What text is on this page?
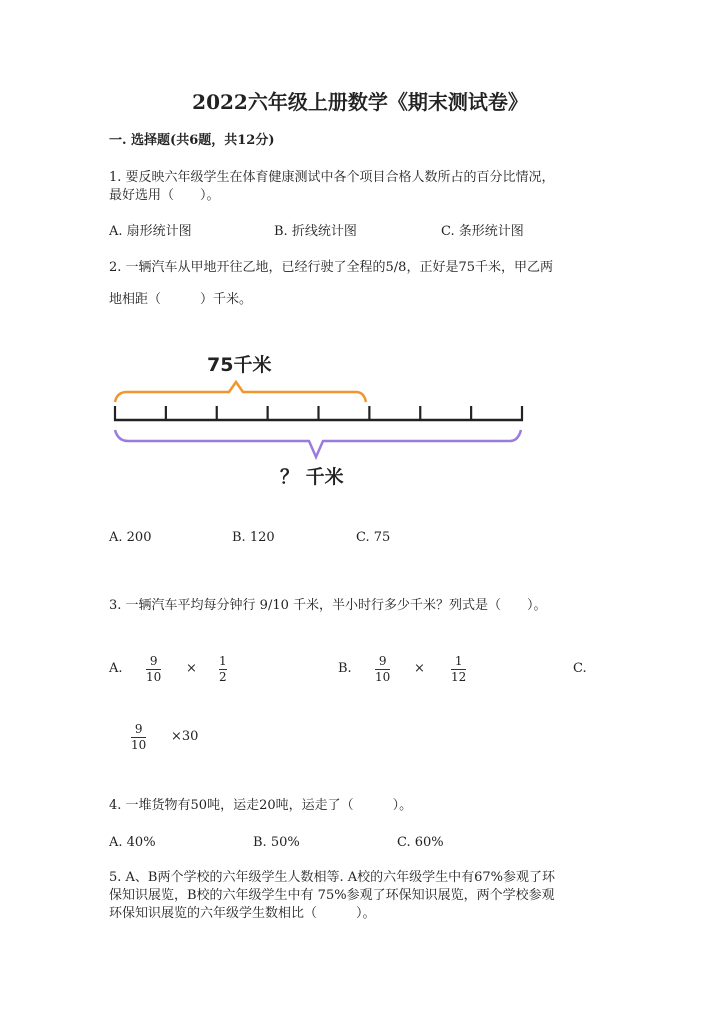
2022六年级上册数学《期末测试卷》
一. 选择题(共6题，共12分)
1. 要反映六年级学生在体育健康测试中各个项目合格人数所占的百分比情况，
最好选用（　　）。
A. 扇形统计图	B. 折线统计图	C. 条形统计图
2. 一辆汽车从甲地开往乙地，已经行驶了全程的5/8，正好是75千米，甲乙两
地相距（　　　）千米。
75千米
？ 千米
A. 200	B. 120	C. 75
3. 一辆汽车平均每分钟行 9/10 千米，半小时行多少千米？列式是（　　）。
A. 9
10
× 1
2
B. 9
10
× 1
12
C.
9
10
×30
4. 一堆货物有50吨，运走20吨，运走了（　　　）。
A. 40%	B. 50%	C. 60%
5. A、B两个学校的六年级学生人数相等. A校的六年级学生中有67%参观了环
保知识展览，B校的六年级学生中有 75%参观了环保知识展览，两个学校参观
环保知识展览的六年级学生数相比（　　　）。
